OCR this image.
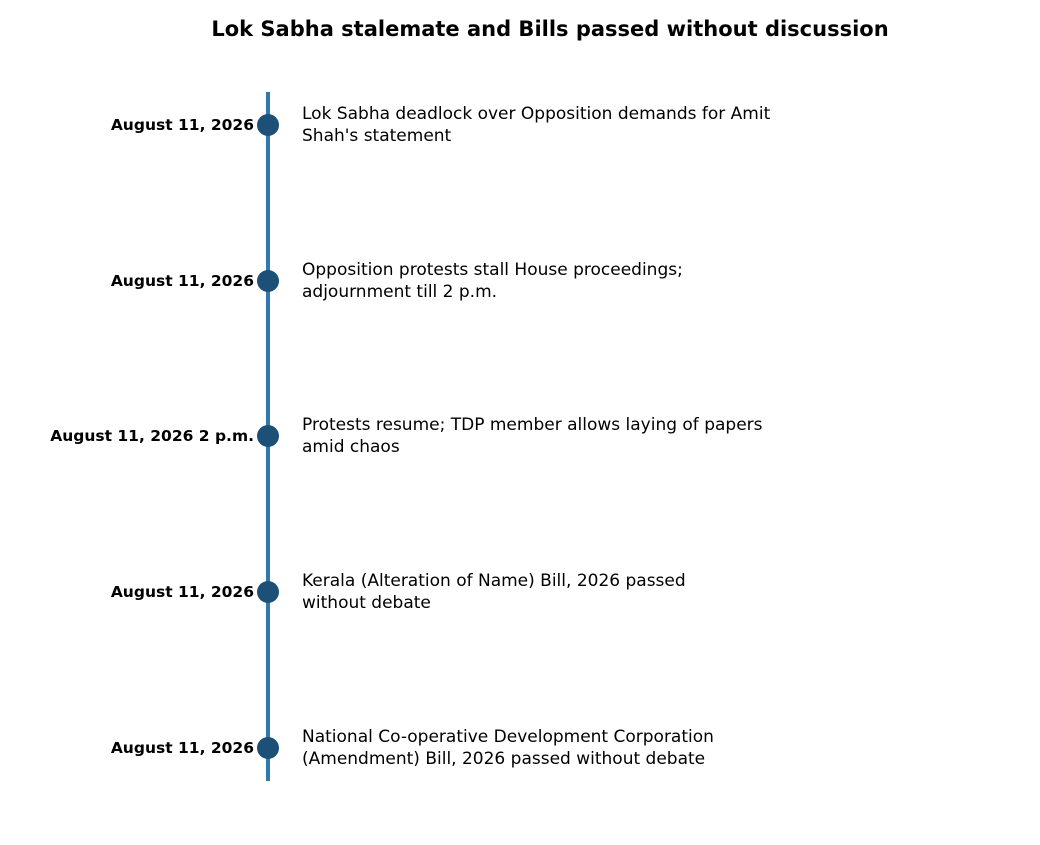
Lok Sabha stalemate and Bills passed without discussion
August 11, 2026
Lok Sabha deadlock over Opposition demands for Amit
Shah's statement
August 11, 2026
Opposition protests stall House proceedings;
adjournment till 2 p.m.
August 11, 2026 2 p.m.
Protests resume; TDP member allows laying of papers
amid chaos
August 11, 2026
Kerala (Alteration of Name) Bill, 2026 passed
without debate
August 11, 2026
National Co-operative Development Corporation
(Amendment) Bill, 2026 passed without debate
